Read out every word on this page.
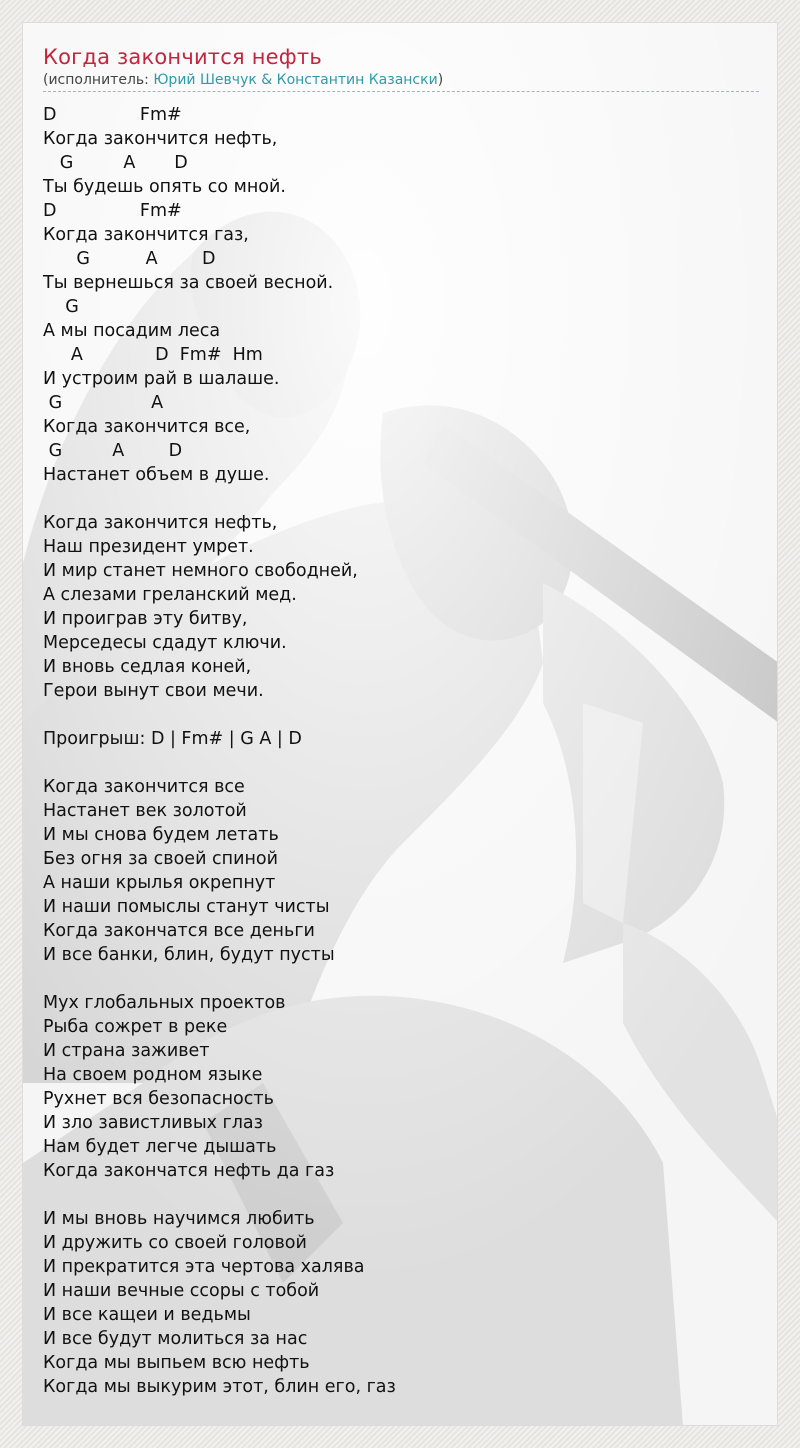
Когда закончится нефть
(исполнитель: Юрий Шевчук & Константин Казански)
D               Fm#
Когда закончится нефть,
G         A       D
Ты будешь опять со мной.
D               Fm#
Когда закончится газ,
G          A        D
Ты вернешься за своей весной.
G
А мы посадим леса
A             D  Fm#  Hm
И устроим рай в шалаше.
G                A
Когда закончится все,
G         A        D
Настанет объем в душе.

Когда закончится нефть,
Наш президент умрет.
И мир станет немного свободней,
А слезами греланский мед.
И проиграв эту битву,
Мерседесы сдадут ключи.
И вновь седлая коней,
Герои вынут свои мечи.

Проигрыш: D | Fm# | G A | D

Когда закончится все
Настанет век золотой
И мы снова будем летать
Без огня за своей спиной
А наши крылья окрепнут
И наши помыслы станут чисты
Когда закончатся все деньги
И все банки, блин, будут пусты

Мух глобальных проектов
Рыба сожрет в реке
И страна заживет
На своем родном языке
Рухнет вся безопасность
И зло завистливых глаз
Нам будет легче дышать
Когда закончатся нефть да газ

И мы вновь научимся любить
И дружить со своей головой
И прекратится эта чертова халява
И наши вечные ссоры с тобой
И все кащеи и ведьмы
И все будут молиться за нас
Когда мы выпьем всю нефть
Когда мы выкурим этот, блин его, газ
